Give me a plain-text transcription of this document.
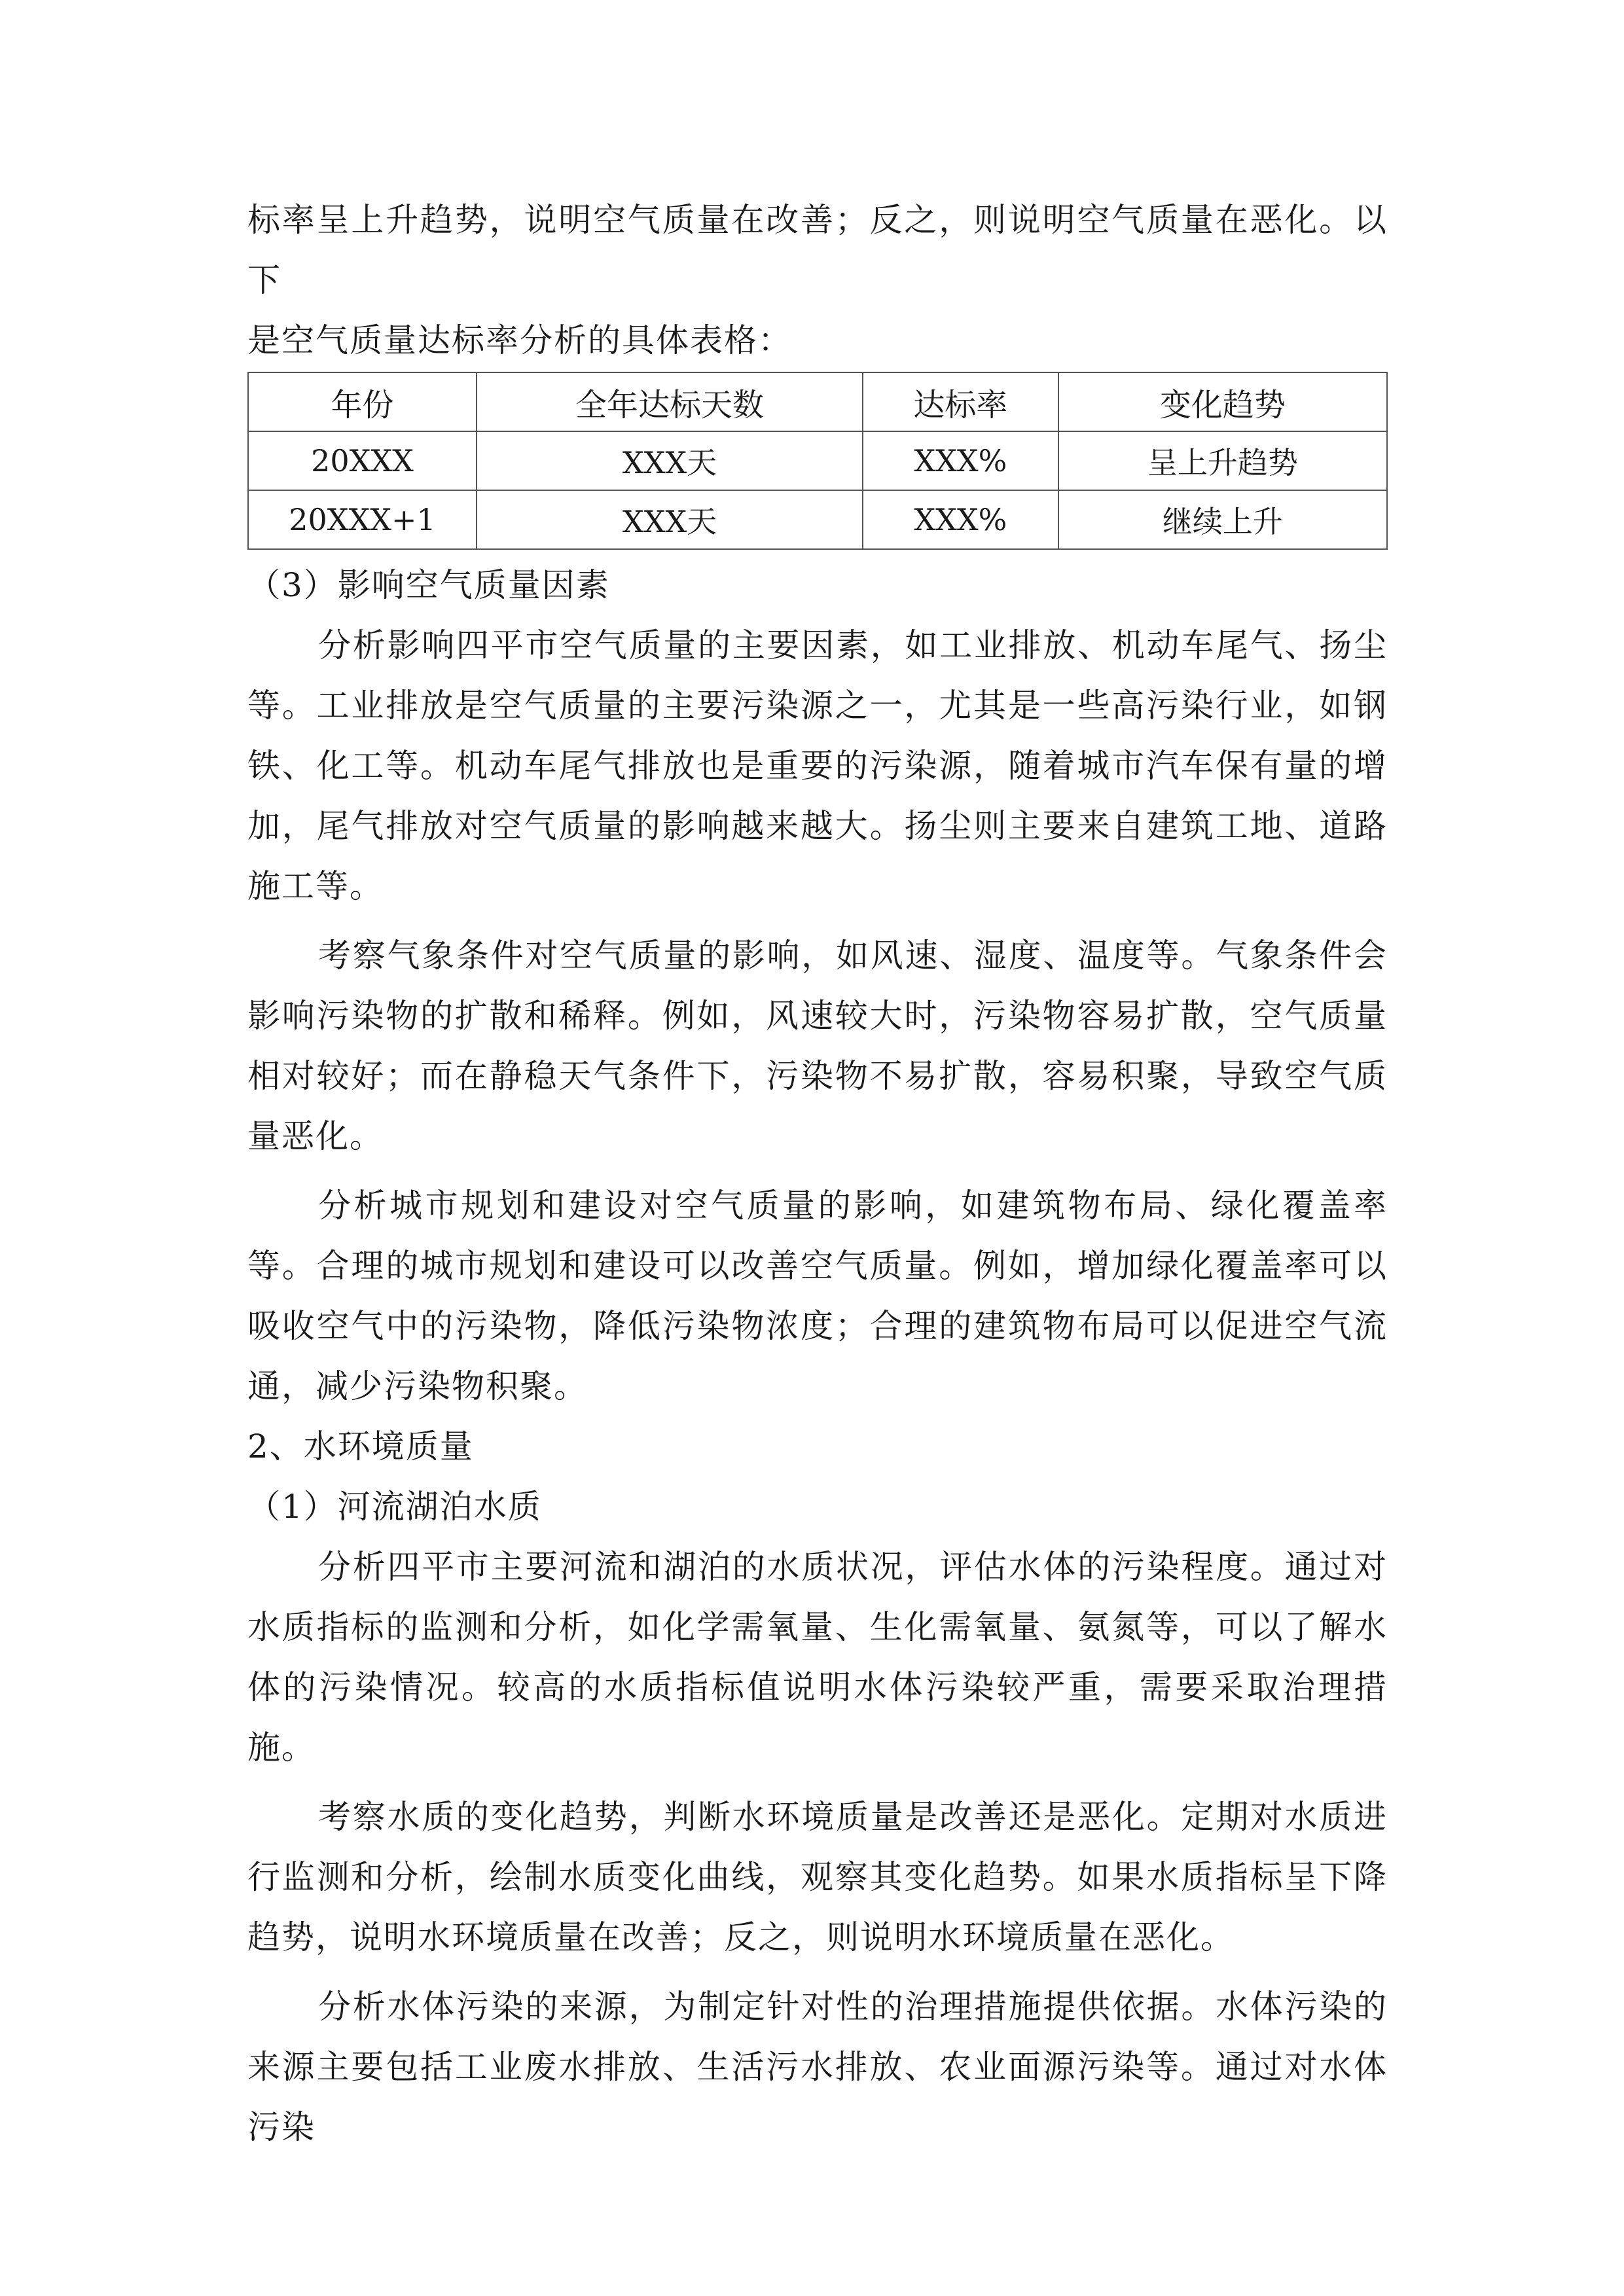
标率呈上升趋势，说明空气质量在改善；反之，则说明空气质量在恶化。以下

是空气质量达标率分析的具体表格：

年份	全年达标天数	达标率	变化趋势
20XXX	XXX天	XXX%	呈上升趋势
20XXX+1	XXX天	XXX%	继续上升

（3）影响空气质量因素

分析影响四平市空气质量的主要因素，如工业排放、机动车尾气、扬尘等。工业排放是空气质量的主要污染源之一，尤其是一些高污染行业，如钢铁、化工等。机动车尾气排放也是重要的污染源，随着城市汽车保有量的增加，尾气排放对空气质量的影响越来越大。扬尘则主要来自建筑工地、道路施工等。

考察气象条件对空气质量的影响，如风速、湿度、温度等。气象条件会影响污染物的扩散和稀释。例如，风速较大时，污染物容易扩散，空气质量相对较好；而在静稳天气条件下，污染物不易扩散，容易积聚，导致空气质量恶化。

分析城市规划和建设对空气质量的影响，如建筑物布局、绿化覆盖率等。合理的城市规划和建设可以改善空气质量。例如，增加绿化覆盖率可以吸收空气中的污染物，降低污染物浓度；合理的建筑物布局可以促进空气流通，减少污染物积聚。

2、水环境质量

（1）河流湖泊水质

分析四平市主要河流和湖泊的水质状况，评估水体的污染程度。通过对水质指标的监测和分析，如化学需氧量、生化需氧量、氨氮等，可以了解水体的污染情况。较高的水质指标值说明水体污染较严重，需要采取治理措施。

考察水质的变化趋势，判断水环境质量是改善还是恶化。定期对水质进行监测和分析，绘制水质变化曲线，观察其变化趋势。如果水质指标呈下降趋势，说明水环境质量在改善；反之，则说明水环境质量在恶化。

分析水体污染的来源，为制定针对性的治理措施提供依据。水体污染的来源主要包括工业废水排放、生活污水排放、农业面源污染等。通过对水体污染
